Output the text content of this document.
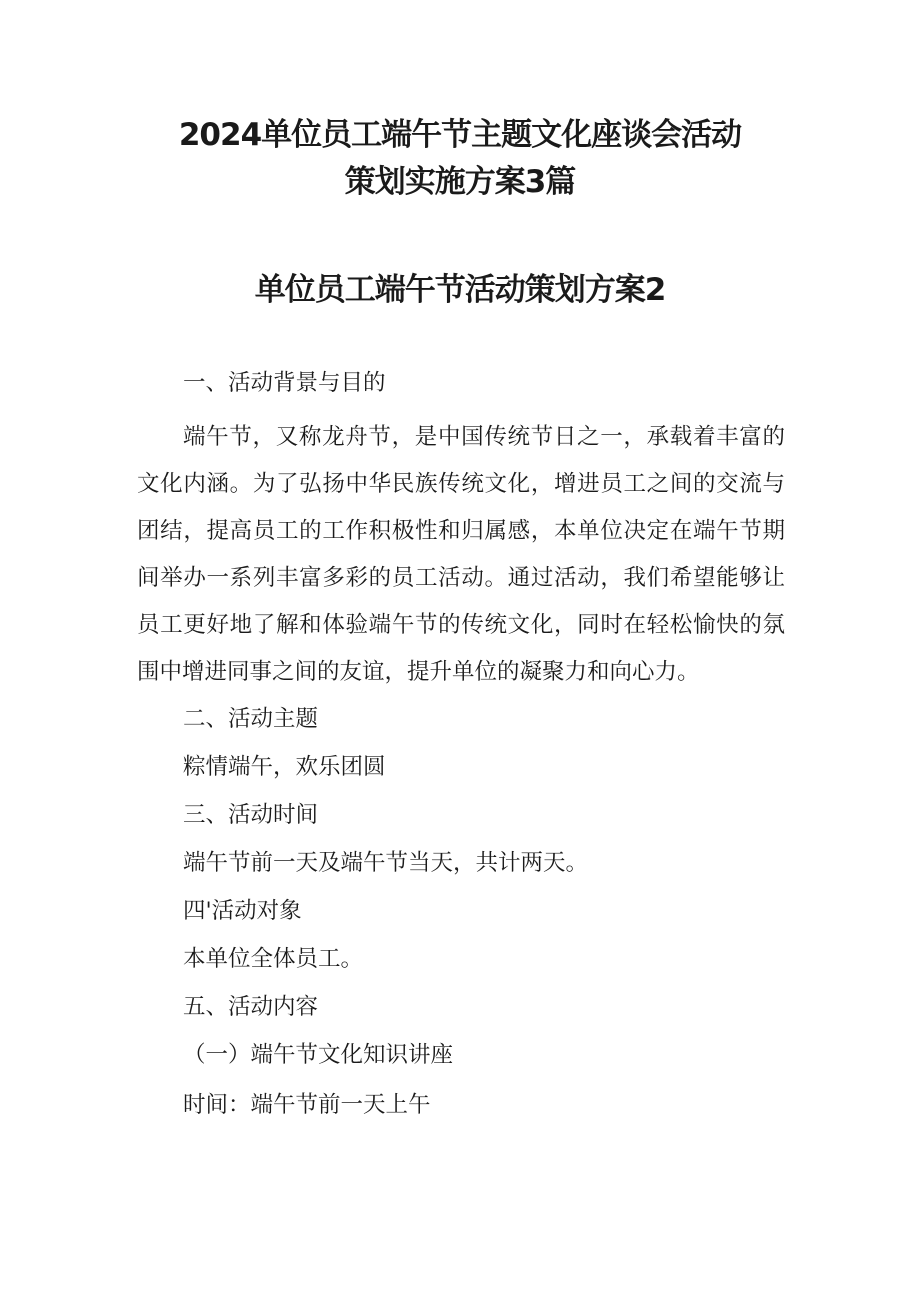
2024单位员工端午节主题文化座谈会活动
策划实施方案3篇
单位员工端午节活动策划方案2
一、活动背景与目的
端午节，又称龙舟节，是中国传统节日之一，承载着丰富的文化内涵。为了弘扬中华民族传统文化，增进员工之间的交流与团结，提高员工的工作积极性和归属感，本单位决定在端午节期间举办一系列丰富多彩的员工活动。通过活动，我们希望能够让员工更好地了解和体验端午节的传统文化，同时在轻松愉快的氛围中增进同事之间的友谊，提升单位的凝聚力和向心力。
二、活动主题
粽情端午，欢乐团圆
三、活动时间
端午节前一天及端午节当天，共计两天。
四'活动对象
本单位全体员工。
五、活动内容
（一）端午节文化知识讲座
时间：端午节前一天上午
